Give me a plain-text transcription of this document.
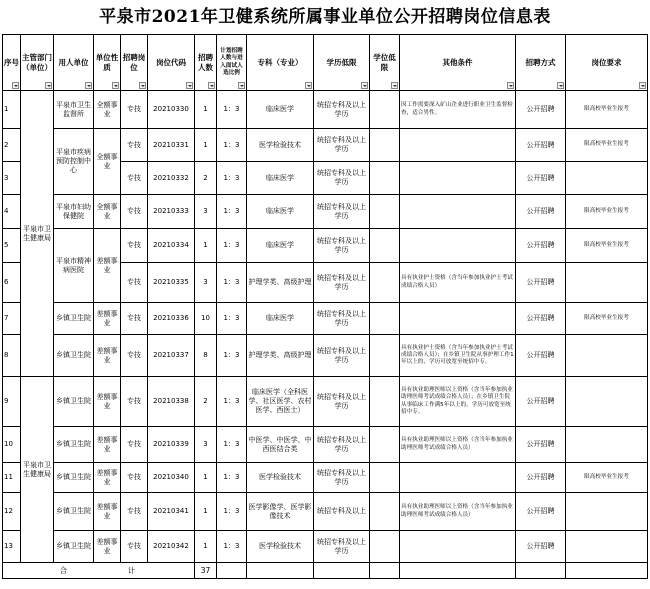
平泉市2021年卫健系统所属事业单位公开招聘岗位信息表
序号	主管部门（单位）	用人单位	单位性质	招聘岗位	岗位代码	招聘人数	计划招聘人数与进入面试人选比例	专科（专业）	学历低限	学位低限	其他条件	招聘方式	岗位要求

1	平泉市卫生健康局	平泉市卫生监督所	全额事业	专技	20210330	1	1：3	临床医学	统招专科及以上学历		因工作需要深入矿山企业进行职业卫生监督检查，适合男性。	公开招聘	限高校毕业生报考
2		平泉市疾病预防控制中心	全额事业	专技	20210331	1	1：3	医学检验技术	统招专科及以上学历			公开招聘	限高校毕业生报考
3				专技	20210332	2	1：3	临床医学	统招专科及以上学历			公开招聘	
4		平泉市妇幼保健院	全额事业	专技	20210333	3	1：3	临床医学	统招专科及以上学历			公开招聘	限高校毕业生报考
5		平泉市精神病医院	差额事业	专技	20210334	1	1：3	临床医学	统招专科及以上学历			公开招聘	限高校毕业生报考
6				专技	20210335	3	1：3	护理学类、高级护理	统招专科及以上学历		具有执业护士资格（含当年参加执业护士考试成绩合格人员）	公开招聘	
7		乡镇卫生院	差额事业	专技	20210336	10	1：3	临床医学	统招专科及以上学历			公开招聘	限高校毕业生报考
8		乡镇卫生院	差额事业	专技	20210337	8	1：3	护理学类、高级护理	统招专科及以上学历		具有执业护士资格（含当年参加执业护士考试成绩合格人员）；在乡镇卫生院从事护理工作1年以上的，学历可放宽至统招中专。	公开招聘	
9	平泉市卫生健康局	乡镇卫生院	差额事业	专技	20210338	2	1：3	临床医学（全科医学、社区医学、农村医学、西医士）	统招专科及以上学历		具有执业助理医师以上资格（含当年参加执业助理医师考试成绩合格人员）；在乡镇卫生院从事临床工作满5年以上的，学历可放宽至统招中专。	公开招聘	
10		乡镇卫生院	差额事业	专技	20210339	3	1：3	中医学、中医学、中西医结合类	统招专科及以上学历		具有执业助理医师以上资格（含当年参加执业助理医师考试成绩合格人员）	公开招聘	
11		乡镇卫生院	差额事业	专技	20210340	1	1：3	医学检验技术	统招专科及以上学历			公开招聘	限高校毕业生报考
12		乡镇卫生院	差额事业	专技	20210341	1	1：3	医学影像学、医学影像技术	统招专科及以上		具有执业助理医师以上资格（含当年参加执业助理医师考试成绩合格人员）	公开招聘	
13		乡镇卫生院	差额事业	专技	20210342	1	1：3	医学检验技术	统招专科及以上学历			公开招聘	
合 计						37							
